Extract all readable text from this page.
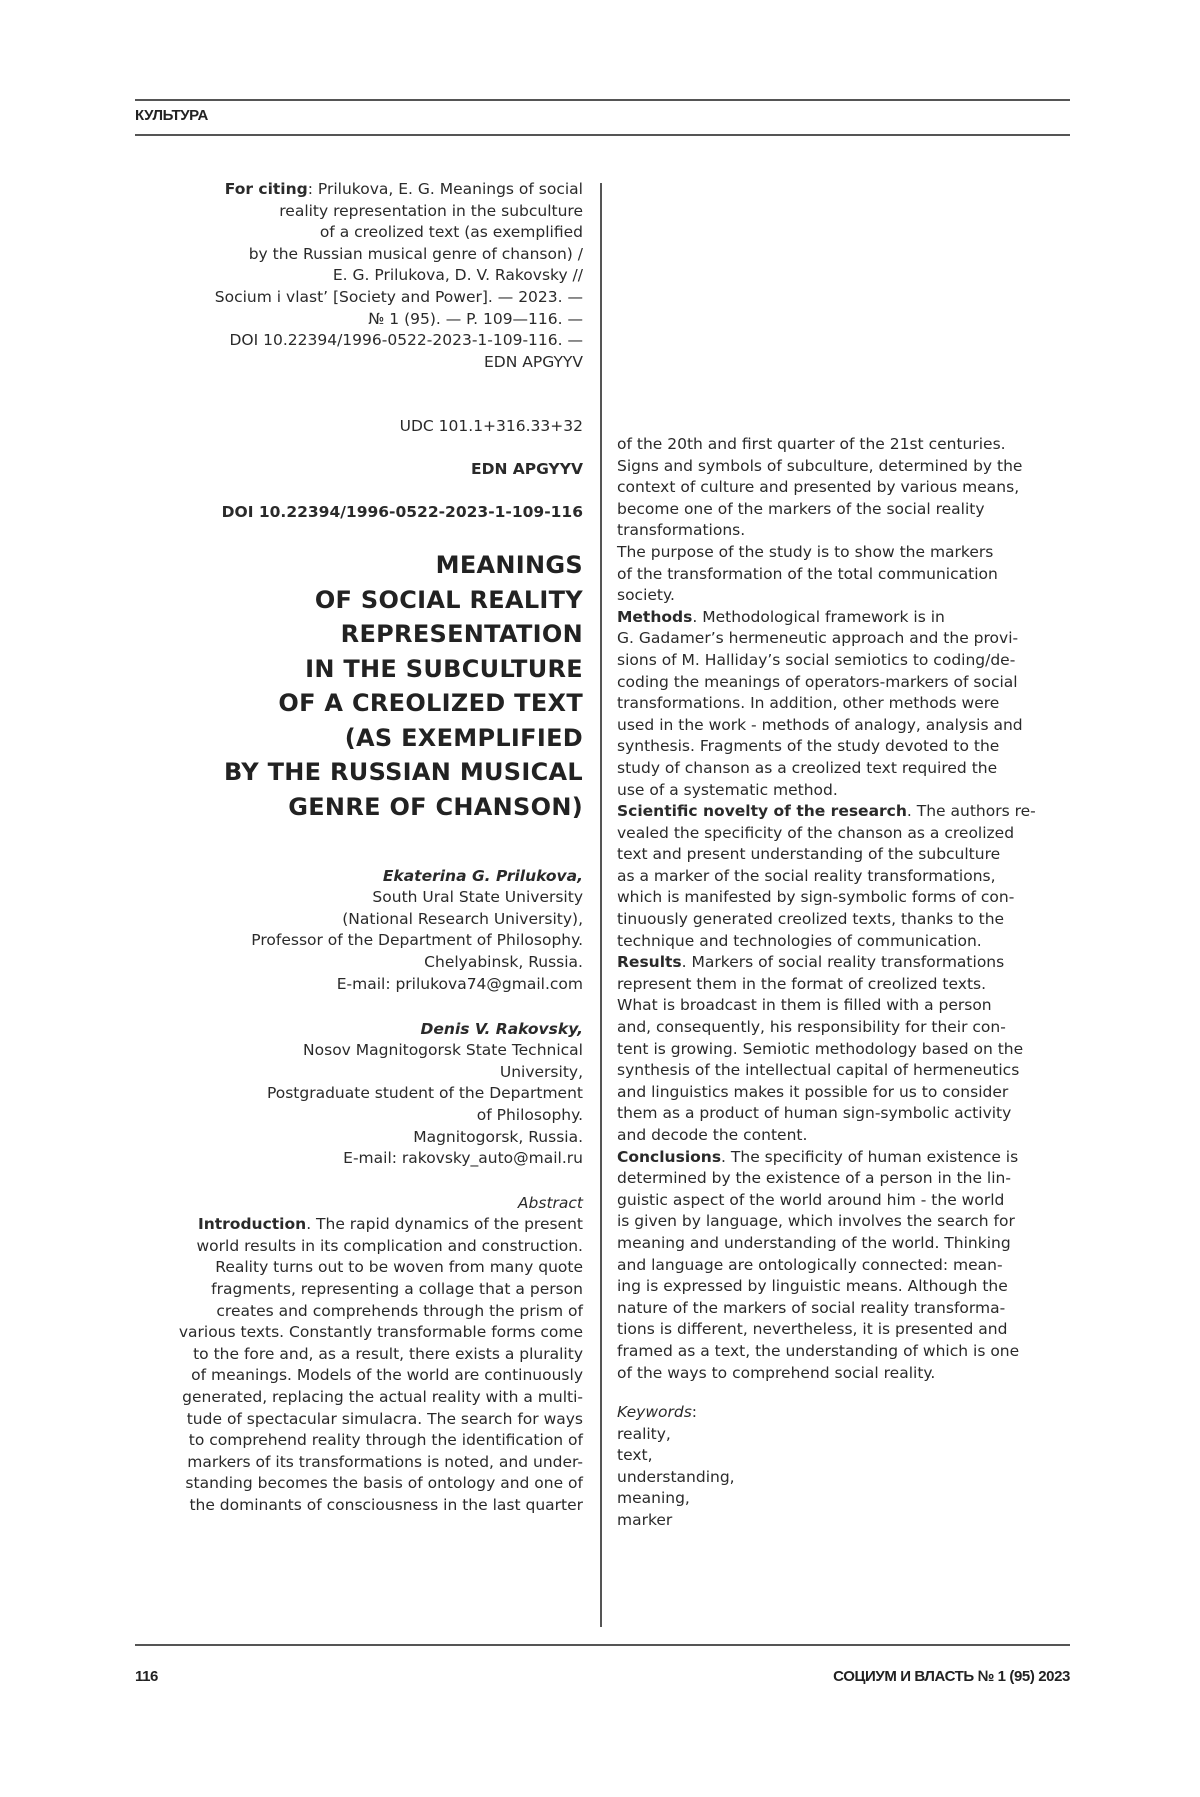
КУЛЬТУРА
For citing: Prilukova, E. G. Meanings of social
reality representation in the subculture
of a creolized text (as exemplified
by the Russian musical genre of chanson) /
E. G. Prilukova, D. V. Rakovsky //
Socium i vlast’ [Society and Power]. — 2023. —
№ 1 (95). — P. 109—116. —
DOI 10.22394/1996-0522-2023-1-109-116. —
EDN APGYYV
UDC 101.1+316.33+32
EDN APGYYV
DOI 10.22394/1996-0522-2023-1-109-116
MEANINGS
OF SOCIAL REALITY
REPRESENTATION
IN THE SUBCULTURE
OF A CREOLIZED TEXT
(AS EXEMPLIFIED
BY THE RUSSIAN MUSICAL
GENRE OF CHANSON)

Ekaterina G. Prilukova,
South Ural State University
(National Research University),
Professor of the Department of Philosophy.
Chelyabinsk, Russia.
E-mail: prilukova74@gmail.com

Denis V. Rakovsky,
Nosov Magnitogorsk State Technical
University,
Postgraduate student of the Department
of Philosophy.
Magnitogorsk, Russia.
E-mail: rakovsky_auto@mail.ru

Abstract
Introduction. The rapid dynamics of the present
world results in its complication and construction.
Reality turns out to be woven from many quote
fragments, representing a collage that a person
creates and comprehends through the prism of
various texts. Constantly transformable forms come
to the fore and, as a result, there exists a plurality
of meanings. Models of the world are continuously
generated, replacing the actual reality with a multi-
tude of spectacular simulacra. The search for ways
to comprehend reality through the identification of
markers of its transformations is noted, and under-
standing becomes the basis of ontology and one of
the dominants of consciousness in the last quarter
of the 20th and first quarter of the 21st centuries.
Signs and symbols of subculture, determined by the
context of culture and presented by various means,
become one of the markers of the social reality
transformations.
The purpose of the study is to show the markers
of the transformation of the total communication
society.
Methods. Methodological framework is in
G. Gadamer’s hermeneutic approach and the provi-
sions of M. Halliday’s social semiotics to coding/de-
coding the meanings of operators-markers of social
transformations. In addition, other methods were
used in the work - methods of analogy, analysis and
synthesis. Fragments of the study devoted to the
study of chanson as a creolized text required the
use of a systematic method.
Scientific novelty of the research. The authors re-
vealed the specificity of the chanson as a creolized
text and present understanding of the subculture
as a marker of the social reality transformations,
which is manifested by sign-symbolic forms of con-
tinuously generated creolized texts, thanks to the
technique and technologies of communication.
Results. Markers of social reality transformations
represent them in the format of creolized texts.
What is broadcast in them is filled with a person
and, consequently, his responsibility for their con-
tent is growing. Semiotic methodology based on the
synthesis of the intellectual capital of hermeneutics
and linguistics makes it possible for us to consider
them as a product of human sign-symbolic activity
and decode the content.
Conclusions. The specificity of human existence is
determined by the existence of a person in the lin-
guistic aspect of the world around him - the world
is given by language, which involves the search for
meaning and understanding of the world. Thinking
and language are ontologically connected: mean-
ing is expressed by linguistic means. Although the
nature of the markers of social reality transforma-
tions is different, nevertheless, it is presented and
framed as a text, the understanding of which is one
of the ways to comprehend social reality.
Keywords:

reality,
text,
understanding,
meaning,
marker
116	СОЦИУМ И ВЛАСТЬ № 1 (95) 2023
